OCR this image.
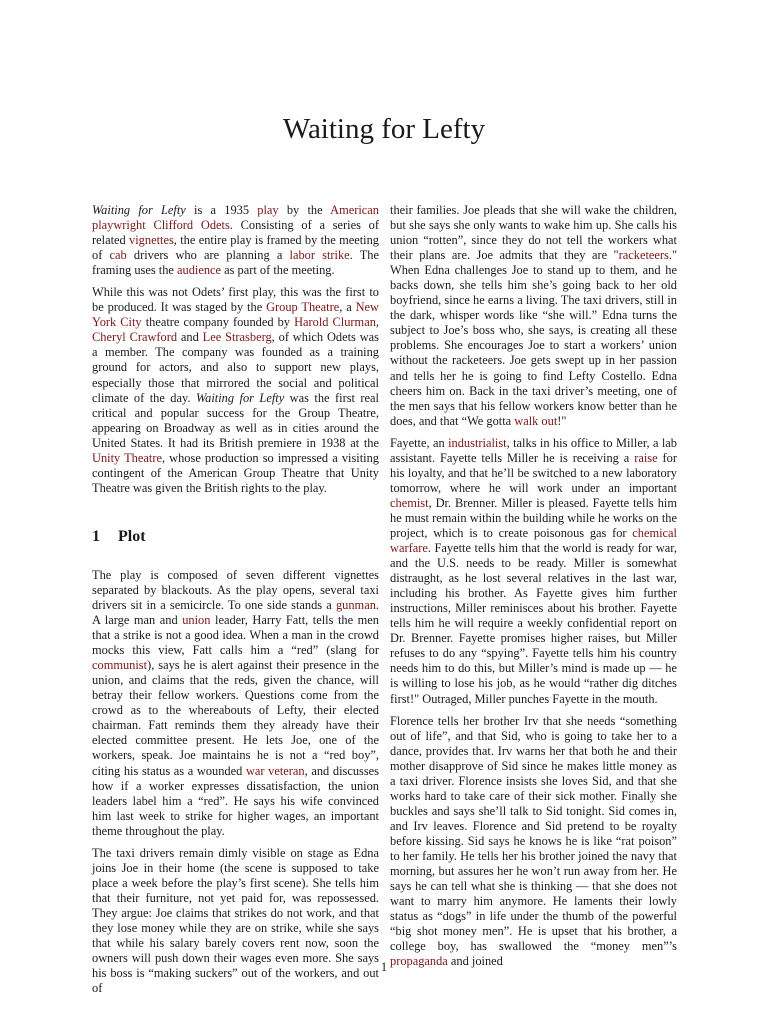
Waiting for Lefty

Waiting for Lefty is a 1935 play by the American playwright Clifford Odets. Consisting of a series of related vignettes, the entire play is framed by the meeting of cab drivers who are planning a labor strike. The framing uses the audience as part of the meeting.

While this was not Odets’ first play, this was the first to be produced. It was staged by the Group Theatre, a New York City theatre company founded by Harold Clurman, Cheryl Crawford and Lee Strasberg, of which Odets was a member. The company was founded as a training ground for actors, and also to support new plays, especially those that mirrored the social and political climate of the day. Waiting for Lefty was the first real critical and popular success for the Group Theatre, appearing on Broadway as well as in cities around the United States. It had its British premiere in 1938 at the Unity Theatre, whose production so impressed a visiting contingent of the American Group Theatre that Unity Theatre was given the British rights to the play.

1 Plot

The play is composed of seven different vignettes separated by blackouts. As the play opens, several taxi drivers sit in a semicircle. To one side stands a gunman. A large man and union leader, Harry Fatt, tells the men that a strike is not a good idea. When a man in the crowd mocks this view, Fatt calls him a “red” (slang for communist), says he is alert against their presence in the union, and claims that the reds, given the chance, will betray their fellow workers. Questions come from the crowd as to the whereabouts of Lefty, their elected chairman. Fatt reminds them they already have their elected committee present. He lets Joe, one of the workers, speak. Joe maintains he is not a “red boy”, citing his status as a wounded war veteran, and discusses how if a worker expresses dissatisfaction, the union leaders label him a “red”. He says his wife convinced him last week to strike for higher wages, an important theme throughout the play.

The taxi drivers remain dimly visible on stage as Edna joins Joe in their home (the scene is supposed to take place a week before the play’s first scene). She tells him that their furniture, not yet paid for, was repossessed. They argue: Joe claims that strikes do not work, and that they lose money while they are on strike, while she says that while his salary barely covers rent now, soon the owners will push down their wages even more. She says his boss is “making suckers” out of the workers, and out of

their families. Joe pleads that she will wake the children, but she says she only wants to wake him up. She calls his union “rotten”, since they do not tell the workers what their plans are. Joe admits that they are "racketeers." When Edna challenges Joe to stand up to them, and he backs down, she tells him she’s going back to her old boyfriend, since he earns a living. The taxi drivers, still in the dark, whisper words like “she will.” Edna turns the subject to Joe’s boss who, she says, is creating all these problems. She encourages Joe to start a workers’ union without the racketeers. Joe gets swept up in her passion and tells her he is going to find Lefty Costello. Edna cheers him on. Back in the taxi driver’s meeting, one of the men says that his fellow workers know better than he does, and that “We gotta walk out!"

Fayette, an industrialist, talks in his office to Miller, a lab assistant. Fayette tells Miller he is receiving a raise for his loyalty, and that he’ll be switched to a new laboratory tomorrow, where he will work under an important chemist, Dr. Brenner. Miller is pleased. Fayette tells him he must remain within the building while he works on the project, which is to create poisonous gas for chemical warfare. Fayette tells him that the world is ready for war, and the U.S. needs to be ready. Miller is somewhat distraught, as he lost several relatives in the last war, including his brother. As Fayette gives him further instructions, Miller reminisces about his brother. Fayette tells him he will require a weekly confidential report on Dr. Brenner. Fayette promises higher raises, but Miller refuses to do any “spying”. Fayette tells him his country needs him to do this, but Miller’s mind is made up — he is willing to lose his job, as he would “rather dig ditches first!" Outraged, Miller punches Fayette in the mouth.

Florence tells her brother Irv that she needs “something out of life”, and that Sid, who is going to take her to a dance, provides that. Irv warns her that both he and their mother disapprove of Sid since he makes little money as a taxi driver. Florence insists she loves Sid, and that she works hard to take care of their sick mother. Finally she buckles and says she’ll talk to Sid tonight. Sid comes in, and Irv leaves. Florence and Sid pretend to be royalty before kissing. Sid says he knows he is like “rat poison” to her family. He tells her his brother joined the navy that morning, but assures her he won’t run away from her. He says he can tell what she is thinking — that she does not want to marry him anymore. He laments their lowly status as “dogs” in life under the thumb of the powerful “big shot money men”. He is upset that his brother, a college boy, has swallowed the “money men”’s propaganda and joined

1
